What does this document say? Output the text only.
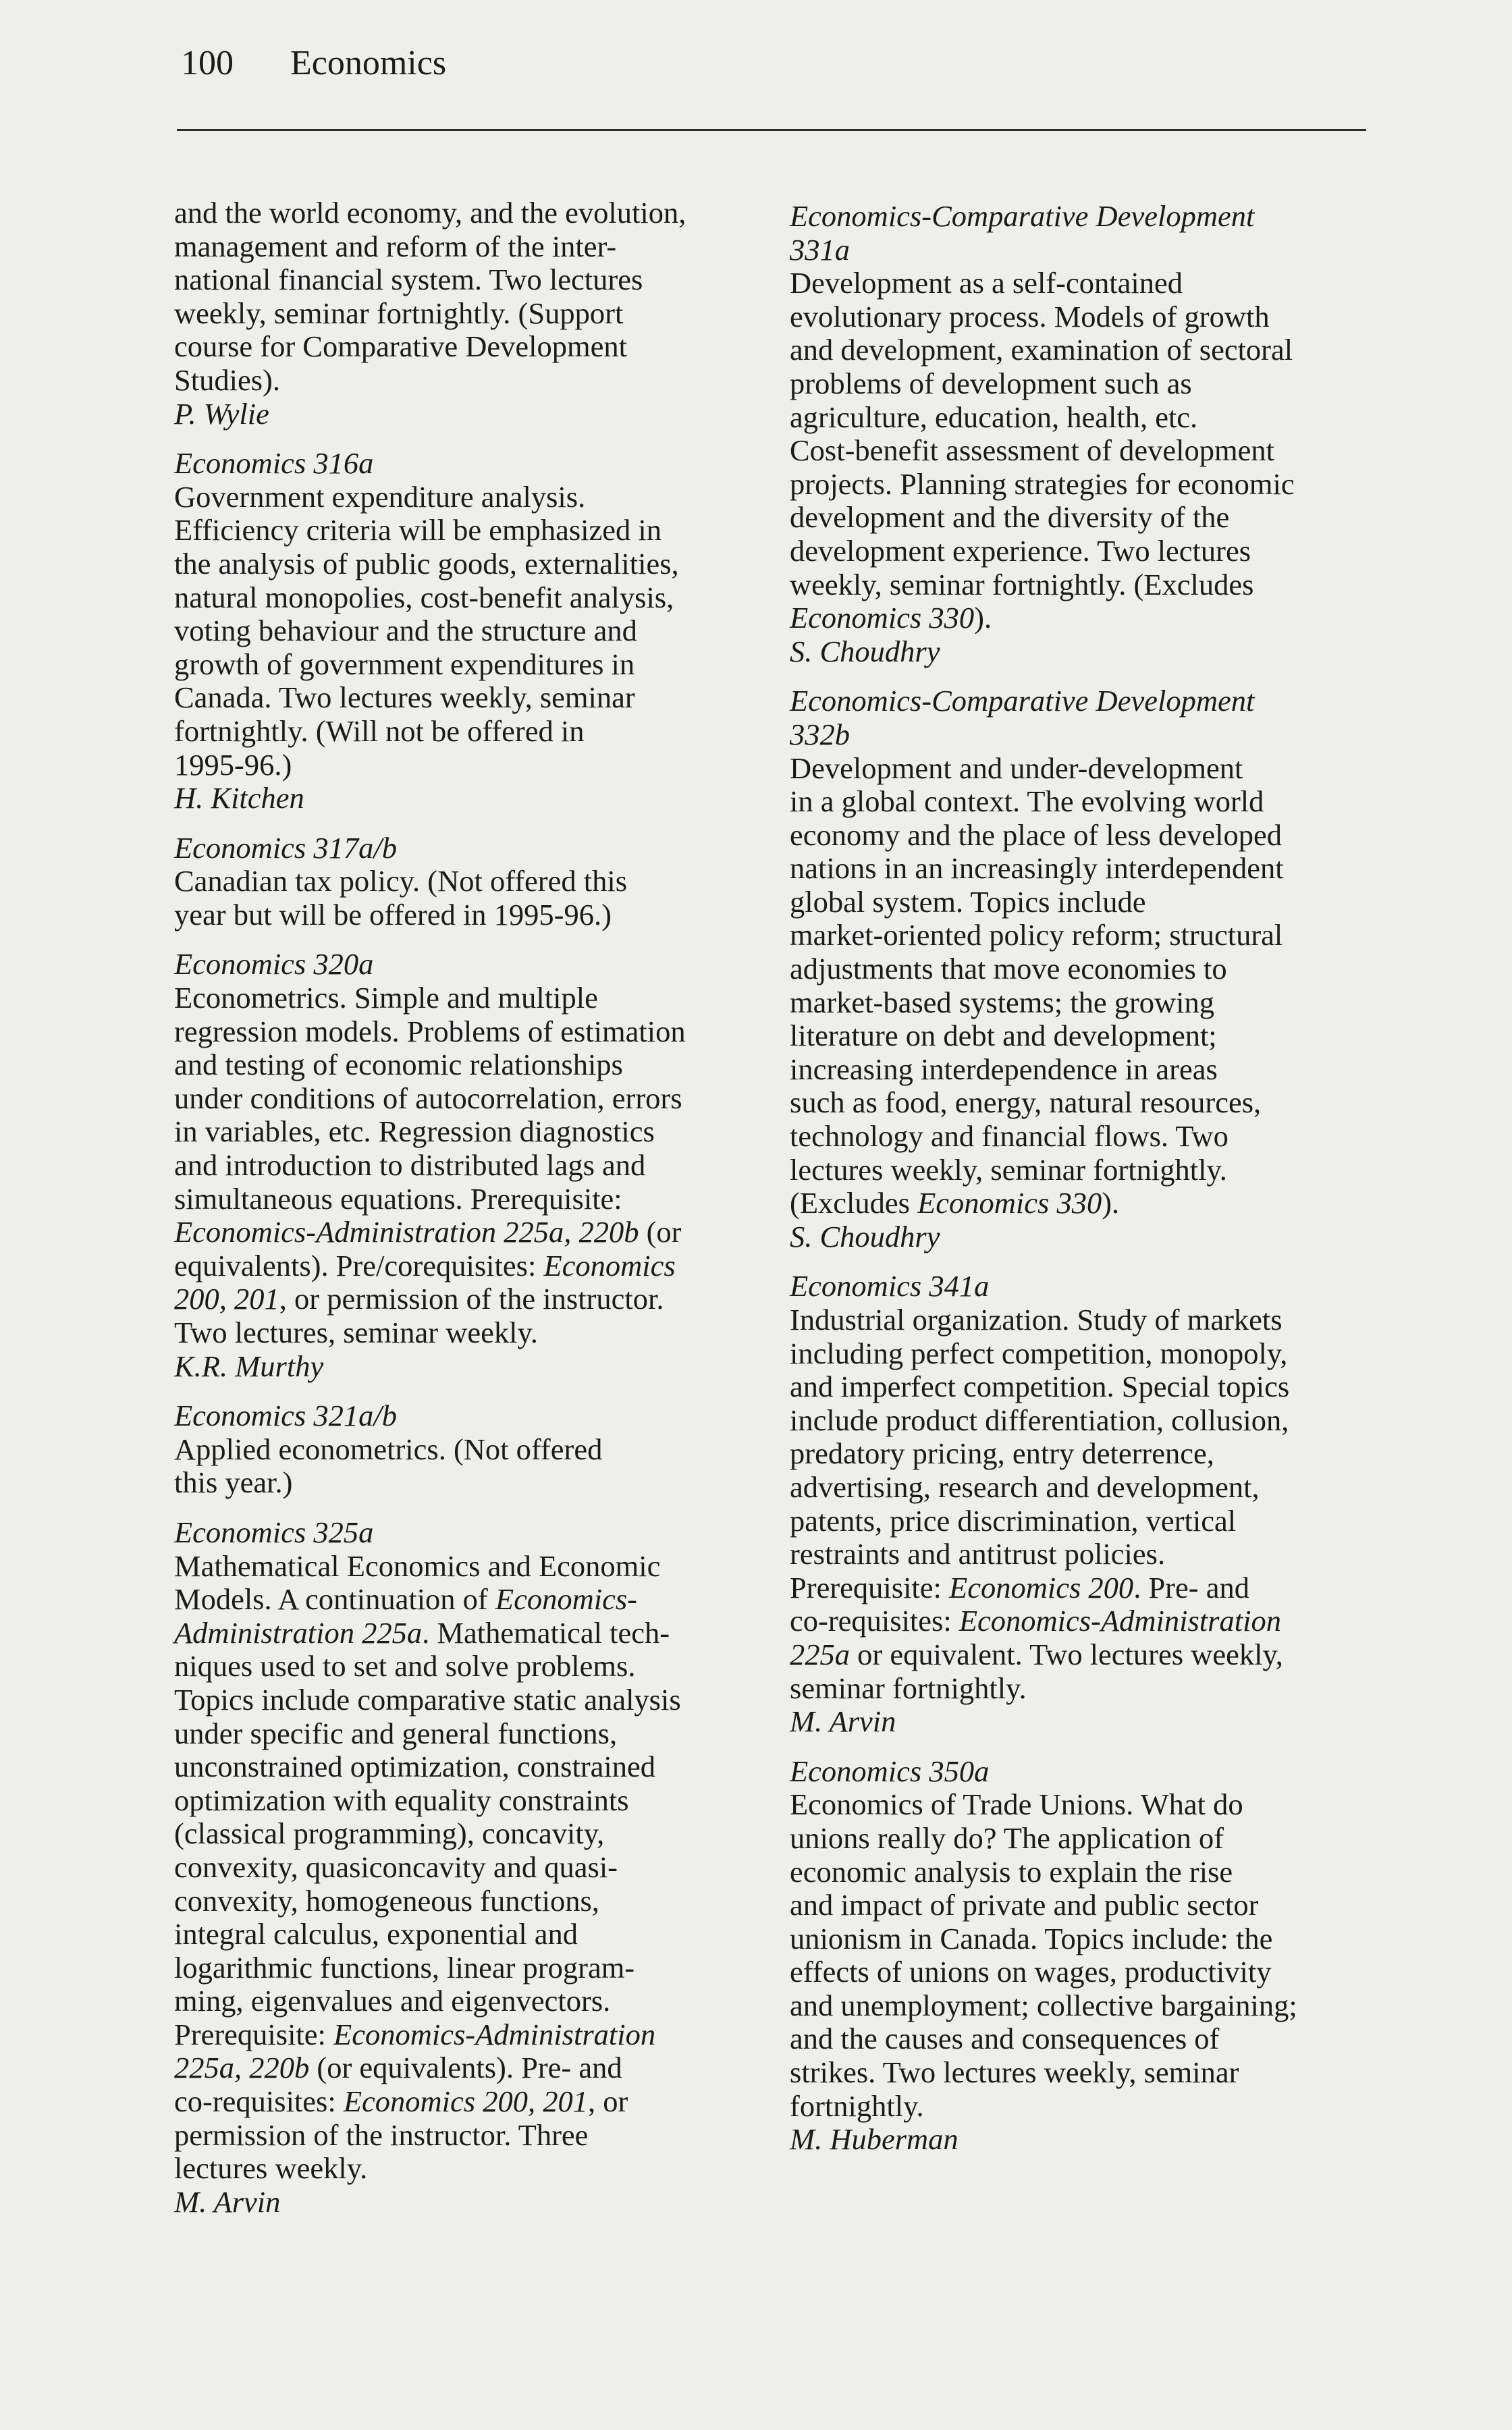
100 Economics

and the world economy, and the evolution,

management and reform of the inter-

national financial system. Two lectures

weekly, seminar fortnightly. (Support

course for Comparative Development

Studies).

P. Wylie

Economics 316a

Government expenditure analysis.

Efficiency criteria will be emphasized in

the analysis of public goods, externalities,

natural monopolies, cost-benefit analysis,

voting behaviour and the structure and

growth of government expenditures in

Canada. Two lectures weekly, seminar

fortnightly. (Will not be offered in

1995-96.)

H. Kitchen

Economics 317a/b

Canadian tax policy. (Not offered this

year but will be offered in 1995-96.)

Economics 320a

Econometrics. Simple and multiple

regression models. Problems of estimation

and testing of economic relationships

under conditions of autocorrelation, errors

in variables, etc. Regression diagnostics

and introduction to distributed lags and

simultaneous equations. Prerequisite:

Economics-Administration 225a, 220b (or

equivalents). Pre/corequisites: Economics

200, 201, or permission of the instructor.

Two lectures, seminar weekly.

K.R. Murthy

Economics 321a/b

Applied econometrics. (Not offered

this year.)

Economics 325a

Mathematical Economics and Economic

Models. A continuation of Economics-

Administration 225a. Mathematical tech-

niques used to set and solve problems.

Topics include comparative static analysis

under specific and general functions,

unconstrained optimization, constrained

optimization with equality constraints

(classical programming), concavity,

convexity, quasiconcavity and quasi-

convexity, homogeneous functions,

integral calculus, exponential and

logarithmic functions, linear program-

ming, eigenvalues and eigenvectors.

Prerequisite: Economics-Administration

225a, 220b (or equivalents). Pre- and

co-requisites: Economics 200, 201, or

permission of the instructor. Three

lectures weekly.

M. Arvin

Economics-Comparative Development

331a

Development as a self-contained

evolutionary process. Models of growth

and development, examination of sectoral

problems of development such as

agriculture, education, health, etc.

Cost-benefit assessment of development

projects. Planning strategies for economic

development and the diversity of the

development experience. Two lectures

weekly, seminar fortnightly. (Excludes

Economics 330).

S. Choudhry

Economics-Comparative Development

332b

Development and under-development

in a global context. The evolving world

economy and the place of less developed

nations in an increasingly interdependent

global system. Topics include

market-oriented policy reform; structural

adjustments that move economies to

market-based systems; the growing

literature on debt and development;

increasing interdependence in areas

such as food, energy, natural resources,

technology and financial flows. Two

lectures weekly, seminar fortnightly.

(Excludes Economics 330).

S. Choudhry

Economics 341a

Industrial organization. Study of markets

including perfect competition, monopoly,

and imperfect competition. Special topics

include product differentiation, collusion,

predatory pricing, entry deterrence,

advertising, research and development,

patents, price discrimination, vertical

restraints and antitrust policies.

Prerequisite: Economics 200. Pre- and

co-requisites: Economics-Administration

225a or equivalent. Two lectures weekly,

seminar fortnightly.

M. Arvin

Economics 350a

Economics of Trade Unions. What do

unions really do? The application of

economic analysis to explain the rise

and impact of private and public sector

unionism in Canada. Topics include: the

effects of unions on wages, productivity

and unemployment; collective bargaining;

and the causes and consequences of

strikes. Two lectures weekly, seminar

fortnightly.

M. Huberman
